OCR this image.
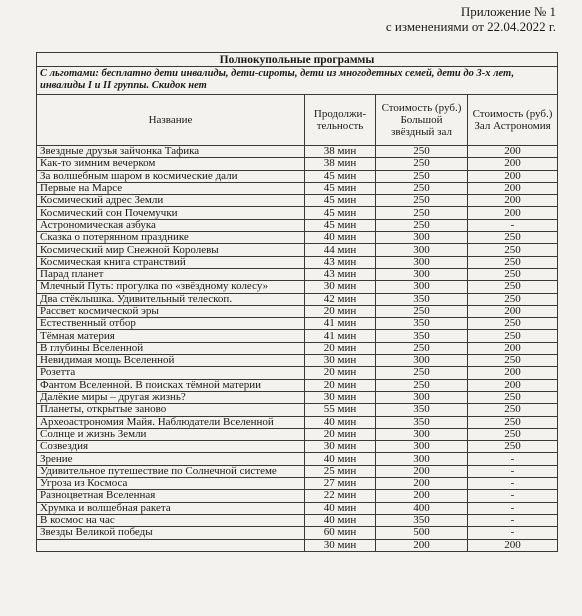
Приложение № 1
с изменениями от 22.04.2022 г.
Полнокупольные программы			
С льготами: бесплатно дети инвалиды, дети-сироты, дети из многодетных семей, дети до 3-х лет, инвалиды I и II группы. Скидок нет			
Название	Продолжи-тельность	Стоимость (руб.) Большой звёздный зал	Стоимость (руб.) Зал Астрономия
Звездные друзья зайчонка Тафика	38 мин	250	200
Как-то зимним вечерком	38 мин	250	200
За волшебным шаром в космические дали	45 мин	250	200
Первые на Марсе	45 мин	250	200
Космический адрес Земли	45 мин	250	200
Космический сон Почемучки	45 мин	250	200
Астрономическая азбука	45 мин	250	-
Сказка о потерянном празднике	40 мин	300	250
Космический мир Снежной Королевы	44 мин	300	250
Космическая книга странствий	43 мин	300	250
Парад планет	43 мин	300	250
Млечный Путь: прогулка по «звёздному колесу»	30 мин	300	250
Два стёклышка. Удивительный телескоп.	42 мин	350	250
Рассвет космической эры	20 мин	250	200
Естественный отбор	41 мин	350	250
Тёмная материя	41 мин	350	250
В глубины Вселенной	20 мин	250	200
Невидимая мощь Вселенной	30 мин	300	250
Розетта	20 мин	250	200
Фантом Вселенной. В поисках тёмной материи	20 мин	250	200
Далёкие миры – другая жизнь?	30 мин	300	250
Планеты, открытые заново	55 мин	350	250
Археоастрономия Майя. Наблюдатели Вселенной	40 мин	350	250
Солнце и жизнь Земли	20 мин	300	250
Созвездия	30 мин	300	250
Зрение	40 мин	300	-
Удивительное путешествие по Солнечной системе	25 мин	200	-
Угроза из Космоса	27 мин	200	-
Разноцветная Вселенная	22 мин	200	-
Хрумка и волшебная ракета	40 мин	400	-
В космос на час	40 мин	350	-
Звезды Великой победы	60 мин	500	-
	30 мин	200	200
